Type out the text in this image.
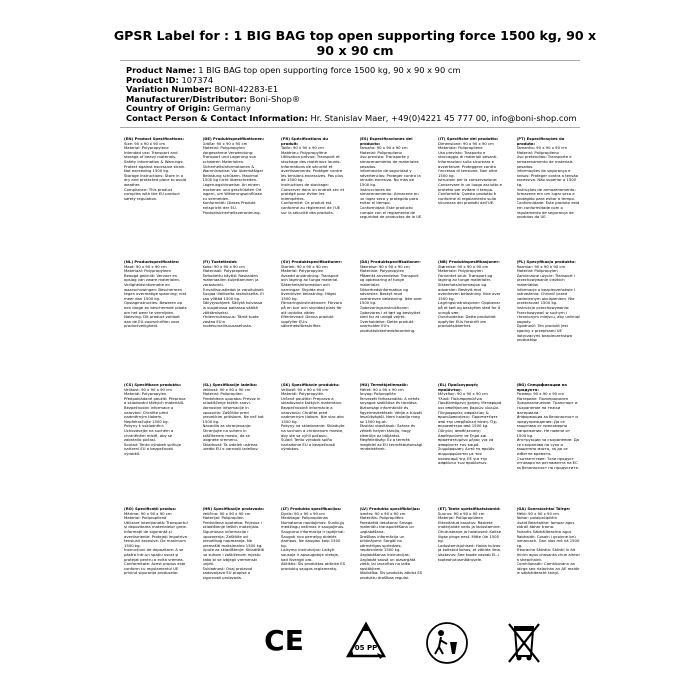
GPSR Label for : 1 BIG BAG top open supporting force 1500 kg, 90 x 90 x 90 cm
Product Name: 1 BIG BAG top open supporting force 1500 kg, 90 x 90 x 90 cm
Product ID: 107374
Variation Number: BONI-42283-E1
Manufacturer/Distributor: Boni-Shop®
Country of Origin: Germany
Contact Person & Contact Information: Hr. Stanislav Maer, +49(0)4221 45 777 00, info@boni-shop.com
(EN) Product Specifications:
Size: 90 x 90 x 90 cm
Material: Polypropylene
Intended use: Transport and storage of heavy materials.
Safety Information & Warnings: Protect against excessive strain. Not exceeding 1500 kg.
Storage Instructions: Store in a dry and protected place to avoid weather.
Compliance: This product complies with the EU product safety regulation.
(DE) Produktspezifikationen:
Größe: 90 x 90 x 90 cm
Material: Polypropylen
Vorgesehene Verwendung: Transport und Lagerung von schweren Materialien.
Sicherheitsinformationen & Warnhinweise: Vor übermäßiger Belastung schützen. Maximal 1500 kg nicht überschreiten.
Lagerungshinweise: An einem trockenen und geschützten Ort lagern, um Witterungseinflüsse zu vermeiden.
Konformität: Dieses Produkt entspricht der EU-Produktsicherheitsverordnung.
(FR) Spécifications du produit:
Taille: 90 x 90 x 90 cm
Matériau: Polypropylène
Utilisation prévue: Transport et stockage des matériaux lourds.
Informations de sécurité et avertissements: Protéger contre les tensions excessives. Pas plus de 1500 kg.
Instructions de stockage: Conserver dans un endroit sec et protégé pour éviter les intempéries.
Conformité: Ce produit est conforme au règlement de l'UE sur la sécurité des produits.
(ES) Especificaciones del producto:
Tamaño: 90 x 90 x 90 cm
Material: Polipropileno
Uso previsto: Transporte y almacenamiento de materiales pesados.
Información de seguridad y advertencias: Proteger contra la tensión excesiva. No más de 1500 kg.
Instrucciones de almacenamiento: Almacene en un lugar seco y protegido para evitar el tiempo.
Conformidad: Este producto cumple con el reglamento de seguridad de productos de la UE.
(IT) Specifiche del prodotto:
Dimensione: 90 x 90 x 90 cm
Materiale: Polipropilene
Uso previsto: Trasporto e stoccaggio di materiali pesanti.
Informazioni sulla sicurezza e avvertenze: Proteggere contro l'eccesso di tensione. Non oltre 1500 kg.
Istruzioni per la conservazione: Conservare in un luogo asciutto e protetto per evitare il tempo.
Conformità: Questo prodotto è conforme al regolamento sulla sicurezza dei prodotti dell'UE.
(PT) Especificações do produto:
Tamanho: 90 x 90 x 90 cm
Material: Polipropileno
Uso pretendido: Transporte e armazenamento de materiais pesados.
Informações de segurança e avisos: Proteger contra a tensão excessiva. Não superior a 1500 kg.
Instruções de armazenamento: Armazene em um lugar seco e protegido para evitar o tempo.
Conformidade: Este produto está em conformidade com o regulamento de segurança de produtos da UE.
(NL) Productspecificaties:
Maat: 90 x 90 x 90 cm
Materiaal: Polypropyleen
Beoogd gebruik: Vervoer en opslag van zware materialen.
Veiligheidsinformatie en waarschuwingen: Beschermen tegen overmatige spanning; niet meer dan 1500 kg.
Opslaginstructies: Bewaren op een droge en beschermde plaats om het weer te vermijden.
Naleving: Dit product voldoet aan de EU-voorschriften voor productveiligheid.
(FI) Tuotetiedot:
Koko: 90 x 90 x 90 cm
Materiaali: Polypropeeni
Tarkoitettu käyttö: Raskaiden materiaalien kuljettaminen ja varastointi.
Turvallisuustiedot ja varoitukset: Suojaa liialliselta rasitukselta. Ei saa ylittää 1500 kg.
Säilytysohjeet: Säilytä kuivassa ja suojatussa paikassa säältä välttämiseksi.
Yhdenmukaisuus: Tämä tuote vastaa EU:n tuoteturvallisuusasetusta.
(SV) Produktspecifikationer:
Storlek: 90 x 90 x 90 cm
Material: Polypropylen
Avsedd användning: Transport och lagring av tunga material.
Säkerhetsinformation och varningar: Skydda mot överdriven belastning. Högst 1500 kg.
Förvaringsinstruktioner: Förvara på en torr och skyddad plats för att undvika väder.
Efterlevnad: Denna produkt uppfyller EU:s säkerhetsföreskrifter.
(DA) Produktspecifikationer:
Størrelse: 90 x 90 x 90 cm
Materiale: Polypropylen
Påtænkt anvendelse: Transport og opbevaring af tunge materialer.
Sikkerhedsinformation og advarsler: Beskyt mod overdreven belastning. Ikke over 1500 kg.
Opbevaringsinstruktioner: Opbevares i et tørt og beskyttet sted for at undgå vejret.
Overholdelse: Dette produkt overholder EU's produktsikkerhedsforordning.
(NB) Produktspesifikasjoner:
Størrelse: 90 x 90 x 90 cm
Materiale: Polypropylen
Forventet bruk: Transport og lagring av tunge materialer.
Sikkerhetsinformasjon og advarsler: Beskytt mot overdreven belastning. Ikke over 1500 kg.
Lagringsinstruksjoner: Oppbevar på et tørt og beskyttet sted for å unngå vær.
Overholdelse: Dette produktet oppfyller EUs forskrift om produktsikkerhet.
(PL) Specyfikacja produktu:
Rozmiar: 90 x 90 x 90 cm
Materiał: Polipropylen
Zamierzone użycie: Transport i przechowywanie ciężkich materiałów.
Informacje o bezpieczeństwie i ostrzeżenia: Chronić przed nadmiernym obciążeniem. Nie przekraczać 1500 kg.
Instrukcje przechowywania: Przechowywać w suchym i chronionym miejscu, aby uniknąć pogody.
Zgodność: Ten produkt jest zgodny z przepisami UE dotyczącymi bezpieczeństwa produktów.
(CS) Specifikace produktu:
Velikost: 90 x 90 x 90 cm
Materiál: Polypropylen
Předpokládané použití: Přeprava a skladování těžkých materiálů.
Bezpečnostní informace a varování: Chraňte před nadměrným tlakem. Nepřekračujte 1500 kg.
Pokyny k uskladnění: Uchovávejte na suchém a chráněném místě, aby se zabránilo počasí.
Soulad: Tento výrobek splňuje nařízení EU o bezpečnosti výrobků.
(SL) Specifikacije izdelka:
Velikost: 90 x 90 x 90 cm
Material: Polipropilen
Predvidena uporaba: Prevoz in skladiščenje težkih snovi.
Varnostne informacije in opozorila: Zaščitite pred prevelikim pritiskom. Ne več kot 1500 kg.
Navodila za shranjevanje: Shranjujte na suhem in zaščitenem mestu, da se izognete vremenu.
Skladnost: Ta izdelek ustreza uredbi EU o varnosti izdelkov.
(SK) Špecifikácie produktu:
Veľkosť: 90 x 90 x 90 cm
Materiál: Polypropylén
Určené použitie: Preprava a skladovanie ťažkých materiálov.
Bezpečnostné informácie a varovania: Chráňte pred nadmerným tlakom. Nie viac ako 1500 kg.
Pokyny na skladovanie: Skladujte na suchom a chránenom mieste, aby ste sa vyhli počasiu.
Súlad: Tento výrobok spĺňa nariadenie EÚ o bezpečnosti výrobkov.
(HU) Termékjellemzők:
Méret: 90 x 90 x 90 cm
Anyag: Polipropilén
Tervezett felhasználás: A nehéz anyagok szállítása és tárolása.
Biztonsági információk és figyelmeztetések: Védje a túlzott feszültségtől. Nem haladja meg az 1500 kg-ot.
Tárolási utasítások: Száraz és védett helyen tárolja, hogy elkerülje az időjárást.
Megfelelőség: Ez a termék megfelel az EU termékbiztonsági rendeletének.
(EL) Προδιαγραφές προϊόντος:
Μέγεθος: 90 x 90 x 90 cm
Υλικό: Πολυπροπυλένιο
Προβλεπόμενη χρήση: Μεταφορά και αποθήκευση βαριών υλικών.
Πληροφορίες ασφαλείας & προειδοποιήσεις: Προστατέψτε από την υπερβολική πίεση. Όχι περισσότερο από 1500 kg.
Οδηγίες αποθήκευσης: Αποθηκεύστε σε ξηρό και προστατευμένο μέρος για να αποφύγετε τον καιρό.
Συμμόρφωση: Αυτό το προϊόν συμμορφώνεται με τον κανονισμό της ΕΕ για την ασφάλεια των προϊόντων.
(BG) Спецификации на продукта:
Размер: 90 x 90 x 90 cm
Материал: Полипропилен
Предназначение: Транспорт и съхранение на тежки материали.
Информация за безопасност и предупреждения: Да се защитава от прекомерно напрежение. Не повече от 1500 kg.
Инструкции за съхранение: Да се съхранява на сухо и защитено място, за да се избегне времето.
Съответствие: Този продукт отговаря на регламента на ЕС за безопасност на продуктите.
(RO) Specificații produs:
Mărime: 90 x 90 x 90 cm
Material: Polipropilenă
Utilizare intenționată: Transportul și depozitarea materialelor grele.
Informații de siguranță și avertismente: Protejați împotriva tensiunii excesive. De maximum 1500 kg.
Instrucțiuni de depozitare: A se păstra într-un spațiu uscat și protejat pentru a evita vremea.
Conformitate: Acest produs este conform cu regulamentul UE privind siguranța produselor.
(HR) Specifikacije proizvoda:
Veličina: 90 x 90 x 90 cm
Materijal: Polipropilen
Predviđena upotreba: Prijevoz i skladištenje teških materijala.
Sigurnosne informacije i upozorenja: Zaštitite od prevelikog naprezanja. Ne premašiti maksimalno 1500 kg.
Upute za skladištenje: Skladištiti na suhom i zaštićenom mjestu kako bi se izbjegli vremenski uvjeti.
Sukladnost: Ovaj proizvod zadovoljava EU propise o sigurnosti proizvoda.
(LT) Produkto specifikacijos:
Dydis: 90 x 90 x 90 cm
Medžiaga: Polipropilenas
Numatoma naudojimas: Sunkiųjų medžiagų vežimas ir saugojimas.
Saugumo informacija ir įspėjimai: Saugoti nuo pernelyg didelės įtampos. Ne daugiau kaip 1500 kg.
Laikymo instrukcijos: Laikyti sausoje ir apsaugotoje vietoje, kad išvengti oro.
Atitiktis: Šis produktas atitinka ES produktų saugos reglamentą.
(LV) Produkta specifikācijas:
Izmērs: 90 x 90 x 90 cm
Materiāls: Polipropilēns
Paredzētā lietošana: Smago materiālu transportēšana un uzglabāšana.
Drošības informācija un brīdinājumi: Sargāt no pārmērīgas spriedzes; nepārsniedz 1500 kg.
Uzglabāšanas instrukcijas: Uzglabāt sausā un aizsargātā vietā, lai izvairītos no laika apstākļiem.
Atbilstība: Šis produkts atbilst ES produktu drošības regulai.
(ET) Toote spetsifikatsioonid:
Suurus: 90 x 90 x 90 cm
Materjal: Polüpropüleen
Ettenähtud kasutus: Raskete materjalide vedu ja ladustamine.
Ohutusteave ja hoiatused: Kaitse liigse pinge eest. Mitte üle 1500 kg.
Ladustamisjuhised: Hoida kuivas ja kaitstud kohas, et vältida ilma.
Vastavus: See toode vastab EL-i tooteohutusmäärusele.
(GA) Sonraíochtaí Táirge:
Méid: 90 x 90 x 90 cm
Ábhar: polaipróipiléin
Úsáid Beartaithe: Iompar agus stóráil ábhar troma.
Faisnéis Sábháilteachta agus Rabhaidh: Cosain i gcoinne brú iomarcach. Gan níos mó ná 1500 kg.
Treoracha Stórála: Stóráil in áit thirim agus chosanta chun aimsir a sheachaint.
Comhlíonadh: Comhlíonann an táirge seo rialachán an AE maidir le sábháilteacht táirgí.
CE	05 PP
